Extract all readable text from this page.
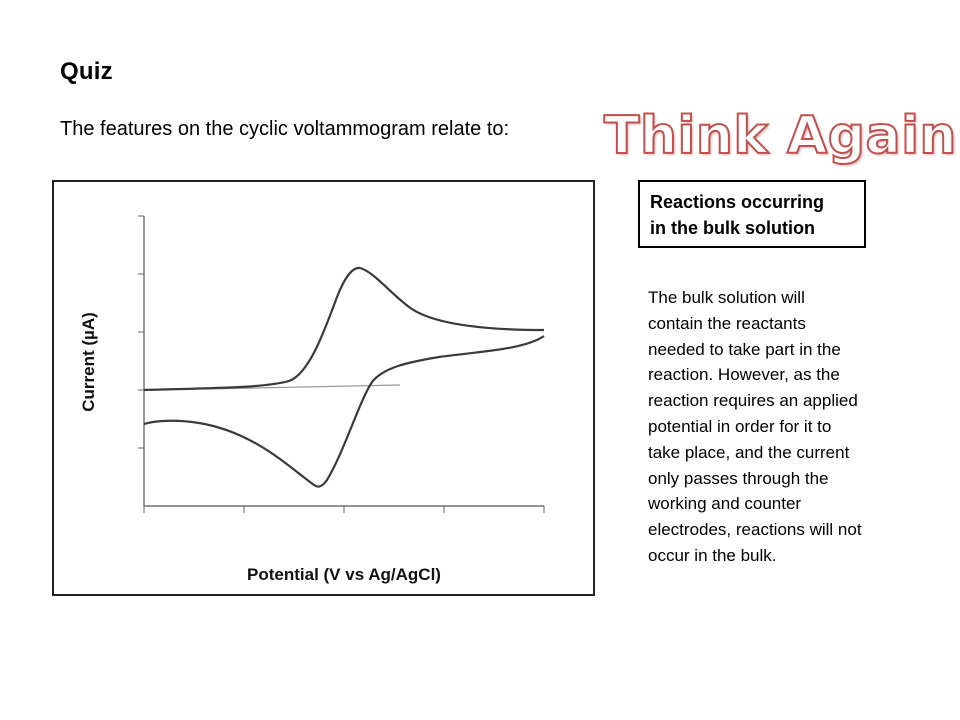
Quiz
The features on the cyclic voltammogram relate to: Think Again
Current (µA)
Potential (V vs Ag/AgCl)
Reactions occurring
in the bulk solution

The bulk solution will contain the reactants needed to take part in the reaction. However, as the reaction requires an applied potential in order for it to take place, and the current only passes through the working and counter electrodes, reactions will not occur in the bulk.
